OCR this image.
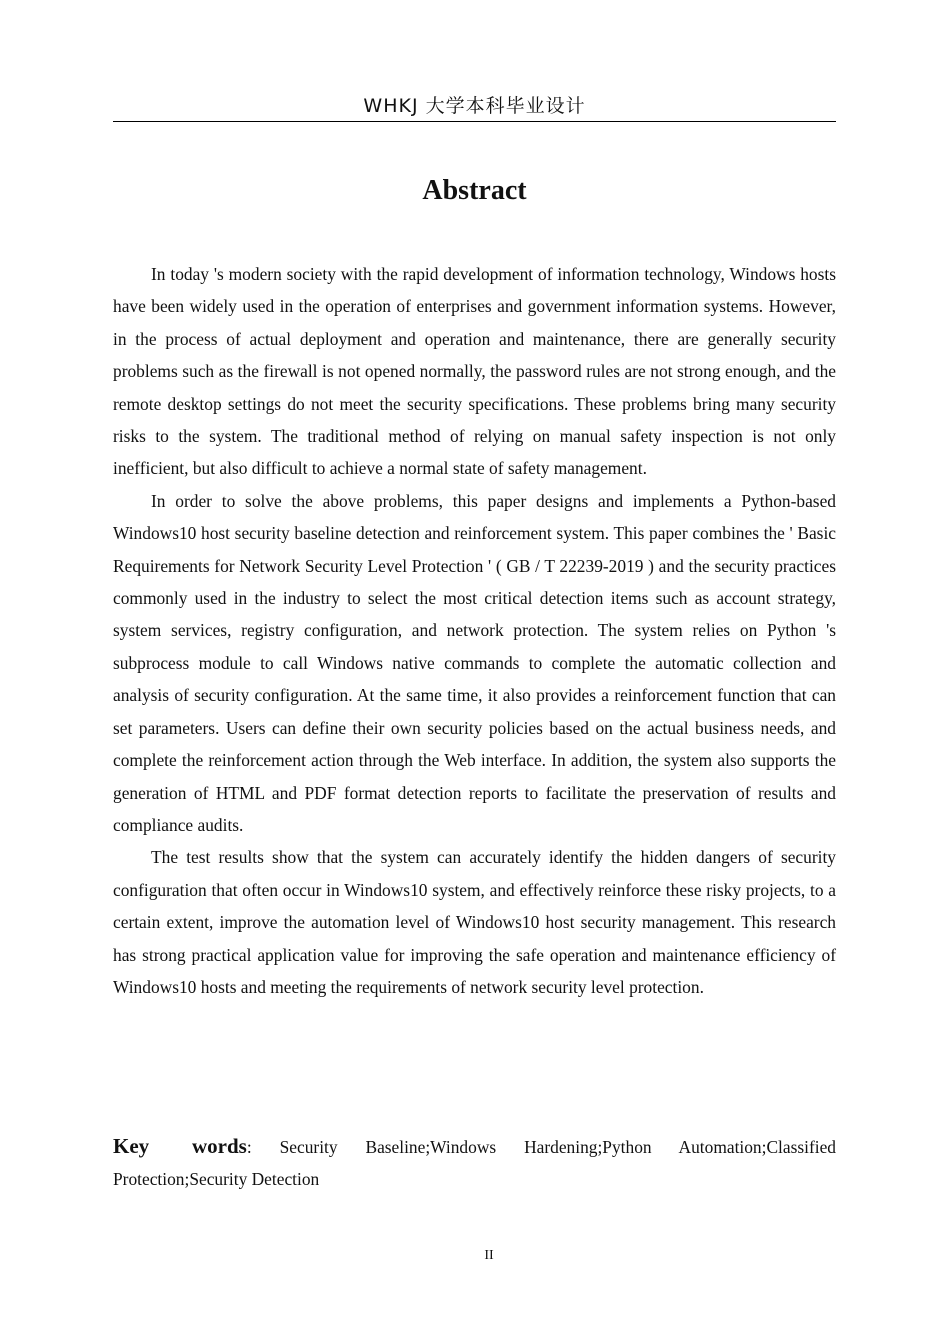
WHKJ 大学本科毕业设计
Abstract

In today 's modern society with the rapid development of information technology, Windows hosts have been widely used in the operation of enterprises and government information systems. However, in the process of actual deployment and operation and maintenance, there are generally security problems such as the firewall is not opened normally, the password rules are not strong enough, and the remote desktop settings do not meet the security specifications. These problems bring many security risks to the system. The traditional method of relying on manual safety inspection is not only inefficient, but also difficult to achieve a normal state of safety management.

In order to solve the above problems, this paper designs and implements a Python-based Windows10 host security baseline detection and reinforcement system. This paper combines the ' Basic Requirements for Network Security Level Protection ' ( GB / T 22239-2019 ) and the security practices commonly used in the industry to select the most critical detection items such as account strategy, system services, registry configuration, and network protection. The system relies on Python 's subprocess module to call Windows native commands to complete the automatic collection and analysis of security configuration. At the same time, it also provides a reinforcement function that can set parameters. Users can define their own security policies based on the actual business needs, and complete the reinforcement action through the Web interface. In addition, the system also supports the generation of HTML and PDF format detection reports to facilitate the preservation of results and compliance audits.

The test results show that the system can accurately identify the hidden dangers of security configuration that often occur in Windows10 system, and effectively reinforce these risky projects, to a certain extent, improve the automation level of Windows10 host security management. This research has strong practical application value for improving the safe operation and maintenance efficiency of Windows10 hosts and meeting the requirements of network security level protection.

Key words: Security Baseline;Windows Hardening;Python Automation;Classified Protection;Security Detection

II
